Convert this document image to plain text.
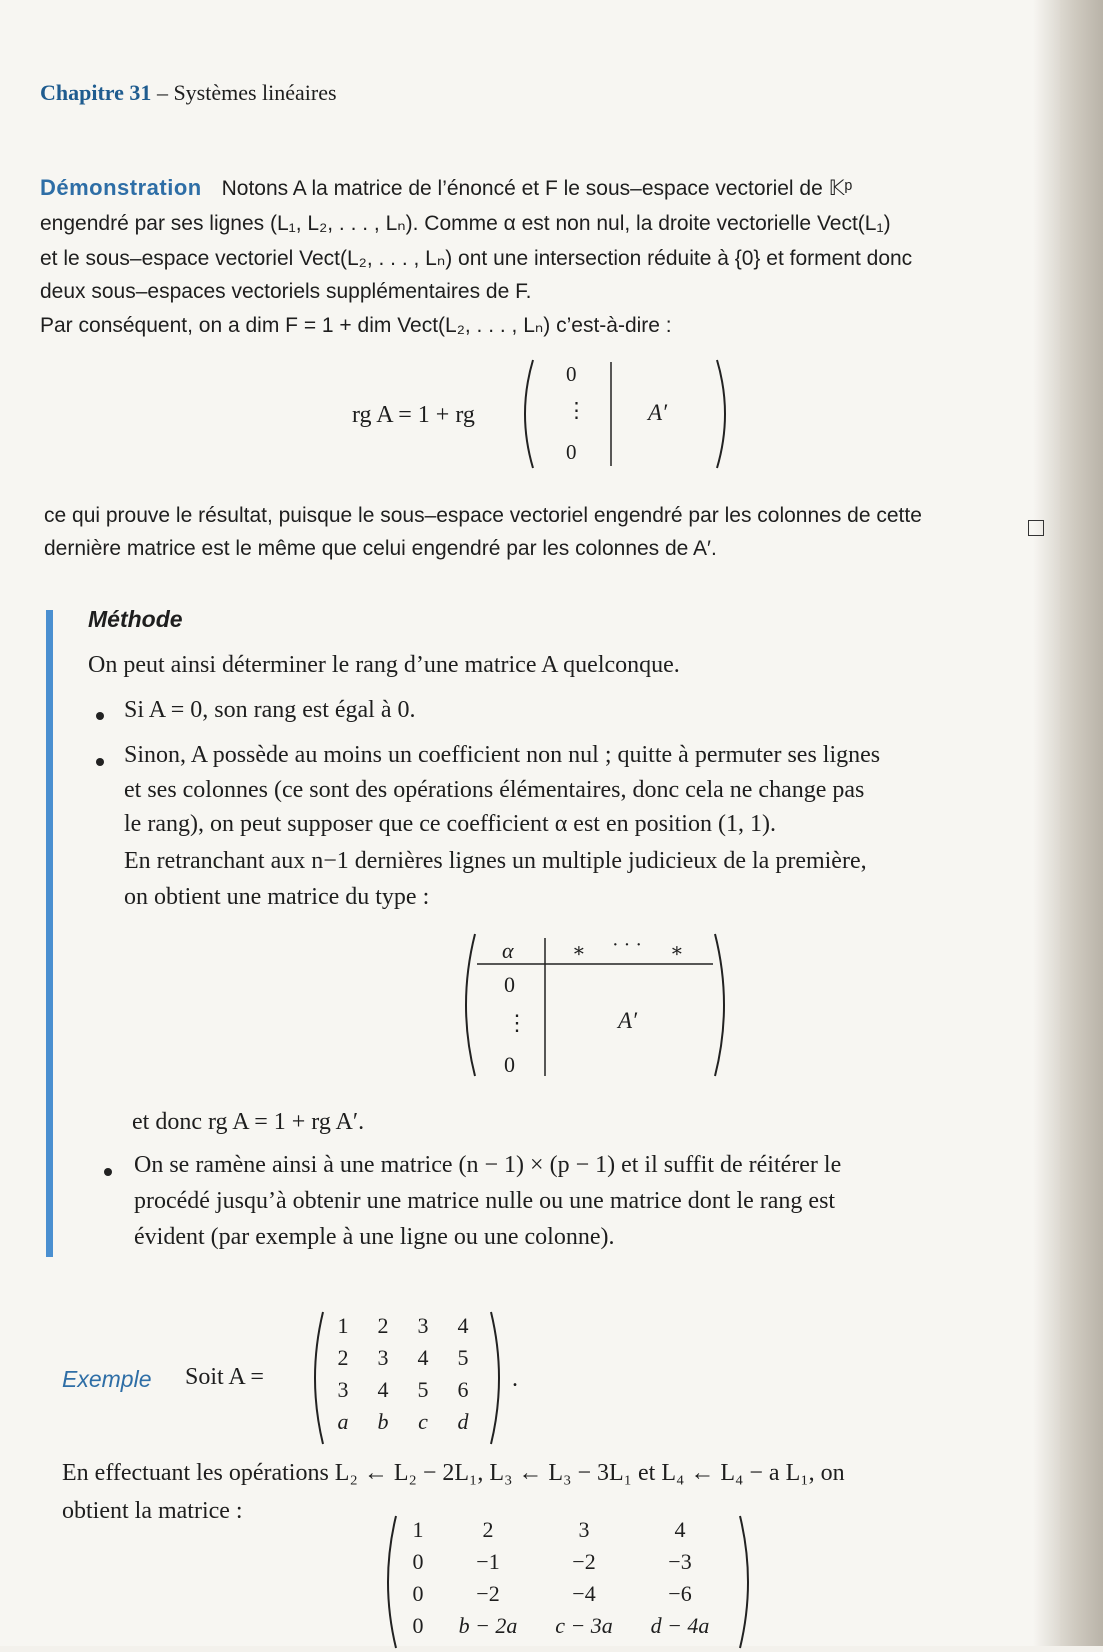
Chapitre 31 – Systèmes linéaires
Démonstration Notons A la matrice de l’énoncé et F le sous–espace vectoriel de 𝕂ᵖ
engendré par ses lignes (L₁, L₂, . . . , Lₙ). Comme α est non nul, la droite vectorielle Vect(L₁)
et le sous–espace vectoriel Vect(L₂, . . . , Lₙ) ont une intersection réduite à {0} et forment donc
deux sous–espaces vectoriels supplémentaires de F.
Par conséquent, on a dim F = 1 + dim Vect(L₂, . . . , Lₙ) c’est-à-dire :
rg A = 1 + rg
0
⋮
0
A′
ce qui prouve le résultat, puisque le sous–espace vectoriel engendré par les colonnes de cette
dernière matrice est le même que celui engendré par les colonnes de A′.
Méthode
On peut ainsi déterminer le rang d’une matrice A quelconque.
Si A = 0, son rang est égal à 0.
Sinon, A possède au moins un coefficient non nul ; quitte à permuter ses lignes
et ses colonnes (ce sont des opérations élémentaires, donc cela ne change pas
le rang), on peut supposer que ce coefficient α est en position (1, 1).
En retranchant aux n−1 dernières lignes un multiple judicieux de la première,
on obtient une matrice du type :
α	∗ · · · ∗
0
⋮
0
A′
et donc rg A = 1 + rg A′.
On se ramène ainsi à une matrice (n − 1) × (p − 1) et il suffit de réitérer le
procédé jusqu’à obtenir une matrice nulle ou une matrice dont le rang est
évident (par exemple à une ligne ou une colonne).
Exemple Soit A =
1	2	3	4
2	3	4	5
3	4	5	6
a	b	c	d
.
En effectuant les opérations L₂ ← L₂ − 2L₁, L₃ ← L₃ − 3L₁ et L₄ ← L₄ − a L₁, on
obtient la matrice :
1	2	3	4
0	−1	−2	−3
0	−2	−4	−6
0	b − 2a	c − 3a	d − 4a
